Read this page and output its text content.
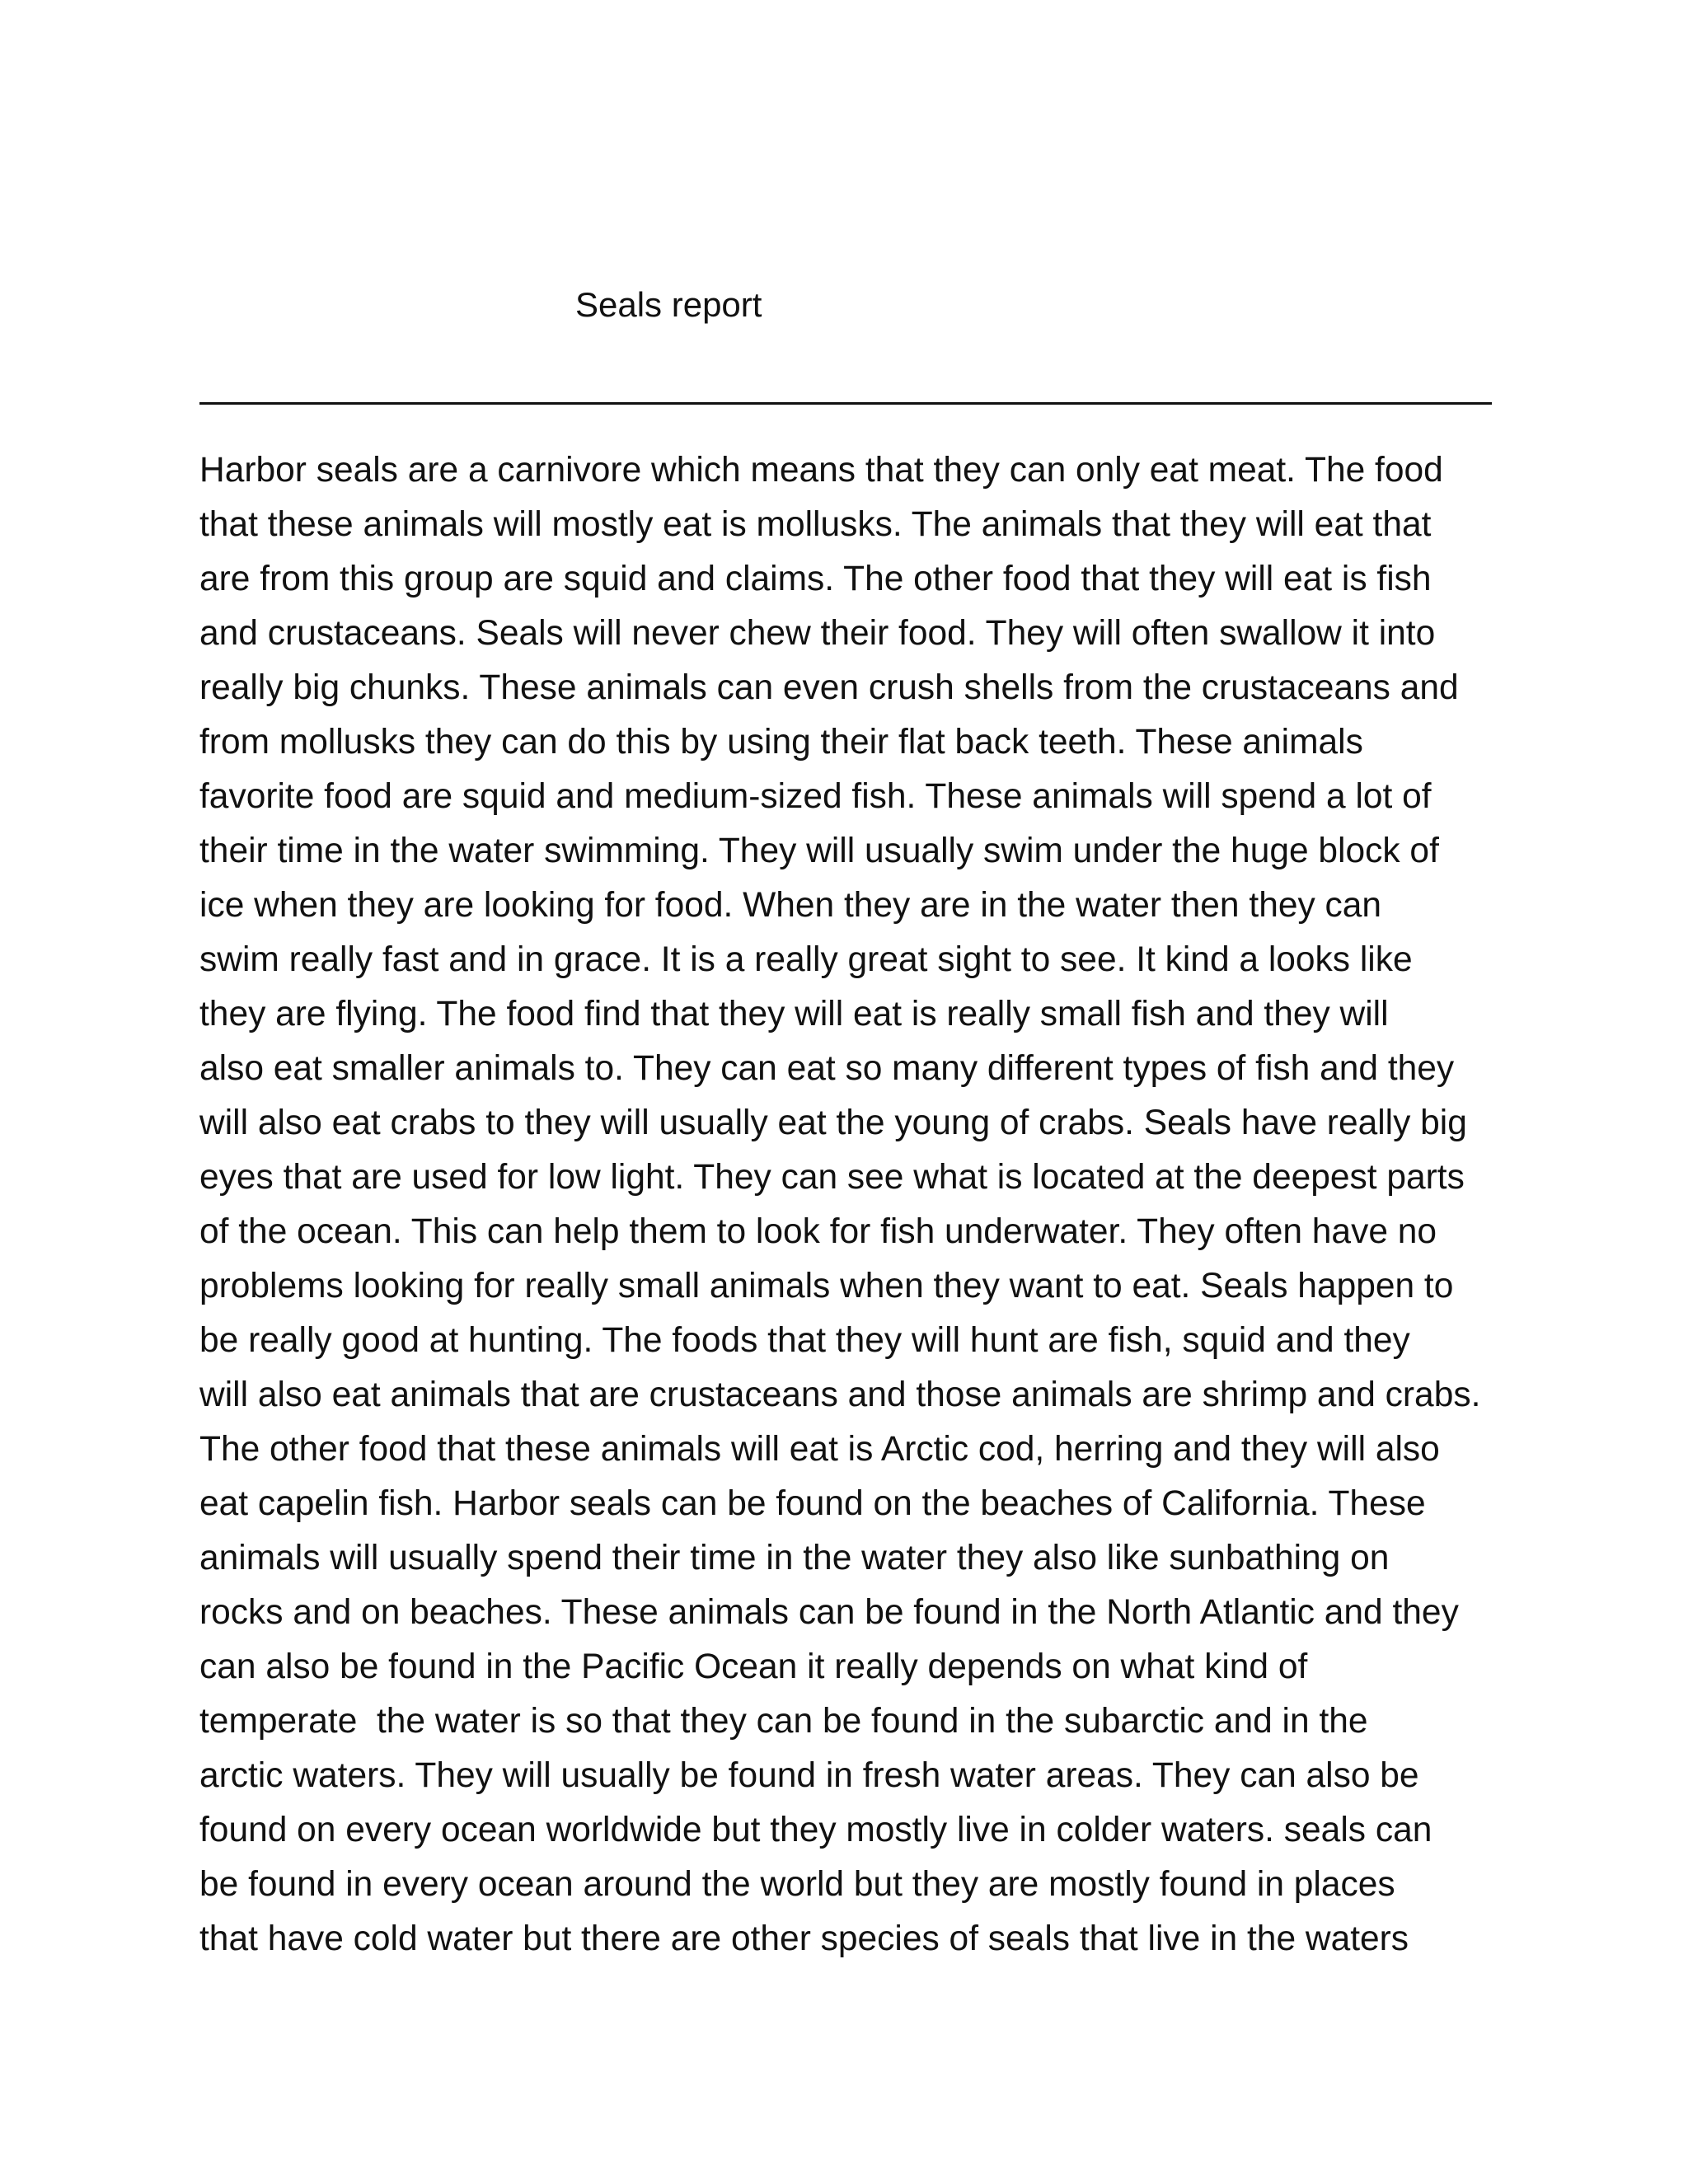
Seals report
Harbor seals are a carnivore which means that they can only eat meat. The food
that these animals will mostly eat is mollusks. The animals that they will eat that
are from this group are squid and claims. The other food that they will eat is fish
and crustaceans. Seals will never chew their food. They will often swallow it into
really big chunks. These animals can even crush shells from the crustaceans and
from mollusks they can do this by using their flat back teeth. These animals
favorite food are squid and medium-sized fish. These animals will spend a lot of
their time in the water swimming. They will usually swim under the huge block of
ice when they are looking for food. When they are in the water then they can
swim really fast and in grace. It is a really great sight to see. It kind a looks like
they are flying. The food find that they will eat is really small fish and they will
also eat smaller animals to. They can eat so many different types of fish and they
will also eat crabs to they will usually eat the young of crabs. Seals have really big
eyes that are used for low light. They can see what is located at the deepest parts
of the ocean. This can help them to look for fish underwater. They often have no
problems looking for really small animals when they want to eat. Seals happen to
be really good at hunting. The foods that they will hunt are fish, squid and they
will also eat animals that are crustaceans and those animals are shrimp and crabs.
The other food that these animals will eat is Arctic cod, herring and they will also
eat capelin fish. Harbor seals can be found on the beaches of California. These
animals will usually spend their time in the water they also like sunbathing on
rocks and on beaches. These animals can be found in the North Atlantic and they
can also be found in the Pacific Ocean it really depends on what kind of
temperate  the water is so that they can be found in the subarctic and in the
arctic waters. They will usually be found in fresh water areas. They can also be
found on every ocean worldwide but they mostly live in colder waters. seals can
be found in every ocean around the world but they are mostly found in places
that have cold water but there are other species of seals that live in the waters
